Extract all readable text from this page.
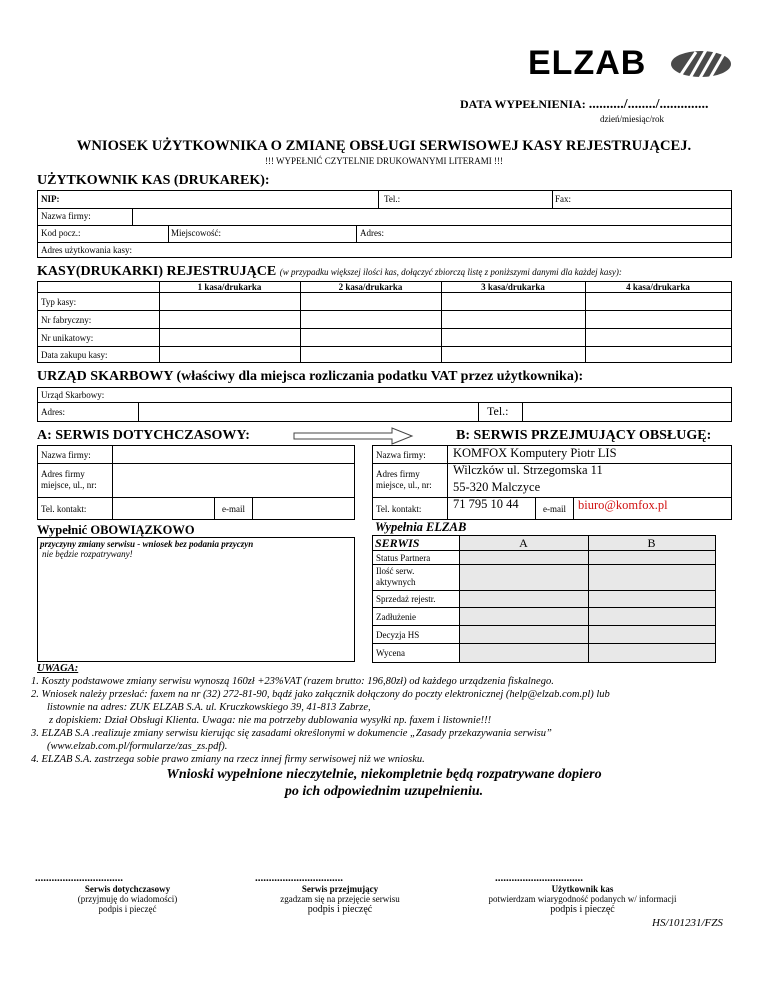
ELZAB
DATA WYPEŁNIENIA: ........../......../..............
dzień/miesiąc/rok
WNIOSEK UŻYTKOWNIKA O ZMIANĘ OBSŁUGI SERWISOWEJ KASY REJESTRUJĄCEJ.
!!! WYPEŁNIĆ CZYTELNIE DRUKOWANYMI LITERAMI !!!
UŻYTKOWNIK KAS (DRUKAREK):
NIP:	Tel.:	Fax:
Nazwa firmy:
Kod pocz.:	Miejscowość:	Adres:
Adres użytkowania kasy:
KASY(DRUKARKI) REJESTRUJĄCE (w przypadku większej ilości kas, dołączyć zbiorczą listę z poniższymi danymi dla każdej kasy):
1 kasa/drukarka	2 kasa/drukarka	3 kasa/drukarka	4 kasa/drukarka
Typ kasy:
Nr fabryczny:
Nr unikatowy:
Data zakupu kasy:
URZĄD SKARBOWY (właściwy dla miejsca rozliczania podatku VAT przez użytkownika):
Urząd Skarbowy:
Adres:	Tel.:
A: SERWIS DOTYCHCZASOWY:	B: SERWIS PRZEJMUJĄCY OBSŁUGĘ:
Nazwa firmy:
Adres firmy miejsce, ul., nr:
Tel. kontakt:	e-mail
Nazwa firmy: KOMFOX Komputery Piotr LIS
Adres firmy miejsce, ul., nr:
Wilczków ul. Strzegomska 11
55-320 Malczyce
Tel. kontakt:	71 795 10 44	e-mail biuro@komfox.pl
Wypełnić OBOWIĄZKOWO
przyczyny zmiany serwisu - wniosek bez podania przyczyn
nie będzie rozpatrywany!
Wypełnia ELZAB
SERWIS	A	B
Status Partnera
Ilość serw. aktywnych
Sprzedaż rejestr.
Zadłużenie
Decyzja HS
Wycena
UWAGA:
1. Koszty podstawowe zmiany serwisu wynoszą 160zł +23%VAT (razem brutto: 196,80zł) od każdego urządzenia fiskalnego.
2. Wniosek należy przesłać: faxem na nr (32) 272-81-90, bądź jako załącznik dołączony do poczty elektronicznej (help@elzab.com.pl) lub
listownie na adres: ZUK ELZAB S.A. ul. Kruczkowskiego 39, 41-813 Zabrze,
z dopiskiem: Dział Obsługi Klienta. Uwaga: nie ma potrzeby dublowania wysyłki np. faxem i listownie!!!
3. ELZAB S.A .realizuje zmiany serwisu kierując się zasadami określonymi w dokumencie „Zasady przekazywania serwisu”
(www.elzab.com.pl/formularze/zas_zs.pdf).
4. ELZAB S.A. zastrzega sobie prawo zmiany na rzecz innej firmy serwisowej niż we wniosku.
Wnioski wypełnione nieczytelnie, niekompletnie będą rozpatrywane dopiero
po ich odpowiednim uzupełnieniu.
................................
Serwis dotychczasowy
(przyjmuję do wiadomości)
podpis i pieczęć
................................
Serwis przejmujący
zgadzam się na przejęcie serwisu
podpis i pieczęć
................................
Użytkownik kas
potwierdzam wiarygodność podanych w/ informacji
podpis i pieczęć
HS/101231/FZS
